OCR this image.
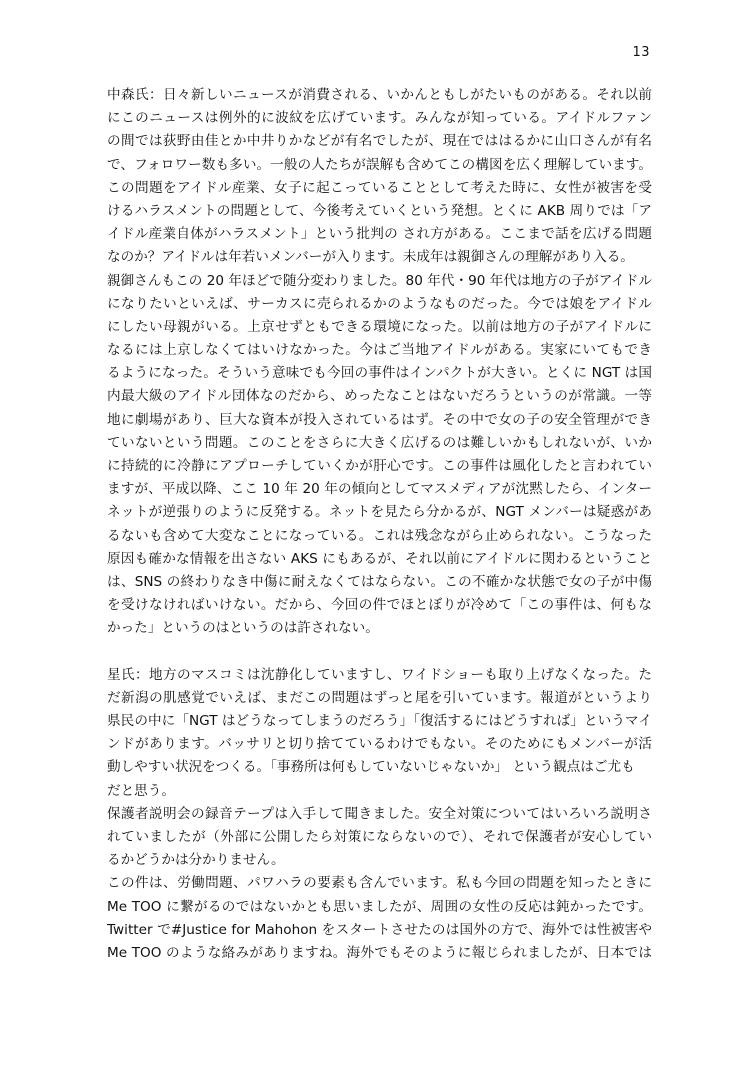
13
中森氏：日々新しいニュースが消費される、いかんともしがたいものがある。それ以前
にこのニュースは例外的に波紋を広げています。みんなが知っている。アイドルファン
の間では荻野由佳とか中井りかなどが有名でしたが、現在でははるかに山口さんが有名
で、フォロワー数も多い。一般の人たちが誤解も含めてこの構図を広く理解しています。
この問題をアイドル産業、女子に起こっていることとして考えた時に、女性が被害を受
けるハラスメントの問題として、今後考えていくという発想。とくに AKB 周りでは「ア
イドル産業自体がハラスメント」という批判の され方がある。ここまで話を広げる問題
なのか？アイドルは年若いメンバーが入ります。未成年は親御さんの理解があり入る。
親御さんもこの 20 年ほどで随分変わりました。80 年代・90 年代は地方の子がアイドル
になりたいといえば、サーカスに売られるかのようなものだった。今では娘をアイドル
にしたい母親がいる。上京せずともできる環境になった。以前は地方の子がアイドルに
なるには上京しなくてはいけなかった。今はご当地アイドルがある。実家にいてもでき
るようになった。そういう意味でも今回の事件はインパクトが大きい。とくに NGT は国
内最大級のアイドル団体なのだから、めったなことはないだろうというのが常識。一等
地に劇場があり、巨大な資本が投入されているはず。その中で女の子の安全管理ができ
ていないという問題。このことをさらに大きく広げるのは難しいかもしれないが、いか
に持続的に冷静にアプローチしていくかが肝心です。この事件は風化したと言われてい
ますが、平成以降、ここ 10 年 20 年の傾向としてマスメディアが沈黙したら、インター
ネットが逆張りのように反発する。ネットを見たら分かるが、NGT メンバーは疑惑があ
るないも含めて大変なことになっている。これは残念ながら止められない。こうなった
原因も確かな情報を出さない AKS にもあるが、それ以前にアイドルに関わるということ
は、SNS の終わりなき中傷に耐えなくてはならない。この不確かな状態で女の子が中傷
を受けなければいけない。だから、今回の件でほとぼりが冷めて「この事件は、何もな
かった」というのはというのは許されない。
星氏：地方のマスコミは沈静化していますし、ワイドショーも取り上げなくなった。た
だ新潟の肌感覚でいえば、まだこの問題はずっと尾を引いています。報道がというより
県民の中に「NGT はどうなってしまうのだろう」「復活するにはどうすれば」というマイ
ンドがあります。バッサリと切り捨てているわけでもない。そのためにもメンバーが活
動しやすい状況をつくる。「事務所は何もしていないじゃないか」 という観点はご尤も
だと思う。
保護者説明会の録音テープは入手して聞きました。安全対策についてはいろいろ説明さ
れていましたが（外部に公開したら対策にならないので）、それで保護者が安心してい
るかどうかは分かりません。
この件は、労働問題、パワハラの要素も含んでいます。私も今回の問題を知ったときに
Me TOO に繋がるのではないかとも思いましたが、周囲の女性の反応は鈍かったです。
Twitter で#Justice for Mahohon をスタートさせたのは国外の方で、海外では性被害や
Me TOO のような絡みがありますね。海外でもそのように報じられましたが、日本では
